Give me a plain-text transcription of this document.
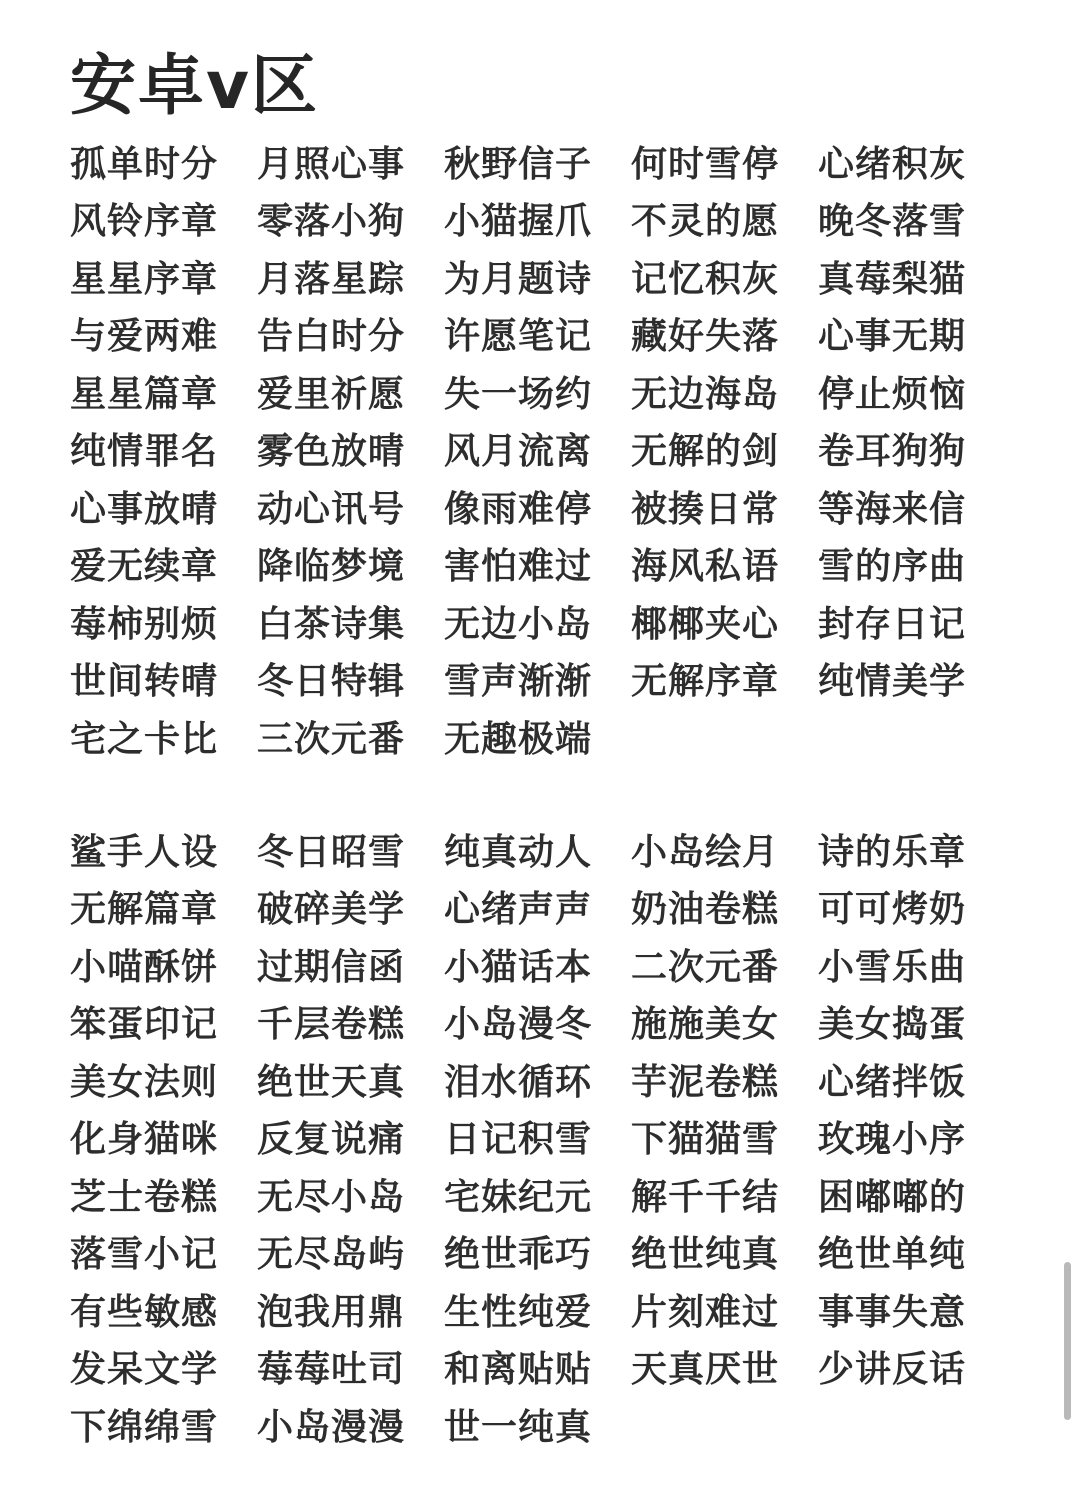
安卓v区
孤单时分	月照心事	秋野信子	何时雪停	心绪积灰
风铃序章	零落小狗	小猫握爪	不灵的愿	晚冬落雪
星星序章	月落星踪	为月题诗	记忆积灰	真莓梨猫
与爱两难	告白时分	许愿笔记	藏好失落	心事无期
星星篇章	爱里祈愿	失一场约	无边海岛	停止烦恼
纯情罪名	雾色放晴	风月流离	无解的剑	卷耳狗狗
心事放晴	动心讯号	像雨难停	被揍日常	等海来信
爱无续章	降临梦境	害怕难过	海风私语	雪的序曲
莓柿别烦	白茶诗集	无边小岛	椰椰夹心	封存日记
世间转晴	冬日特辑	雪声渐渐	无解序章	纯情美学
宅之卡比	三次元番	无趣极端
鲨手人设	冬日昭雪	纯真动人	小岛绘月	诗的乐章
无解篇章	破碎美学	心绪声声	奶油卷糕	可可烤奶
小喵酥饼	过期信函	小猫话本	二次元番	小雪乐曲
笨蛋印记	千层卷糕	小岛漫冬	施施美女	美女捣蛋
美女法则	绝世天真	泪水循环	芋泥卷糕	心绪拌饭
化身猫咪	反复说痛	日记积雪	下猫猫雪	玫瑰小序
芝士卷糕	无尽小岛	宅妹纪元	解千千结	困嘟嘟的
落雪小记	无尽岛屿	绝世乖巧	绝世纯真	绝世单纯
有些敏感	泡我用鼎	生性纯爱	片刻难过	事事失意
发呆文学	莓莓吐司	和离贴贴	天真厌世	少讲反话
下绵绵雪	小岛漫漫	世一纯真
